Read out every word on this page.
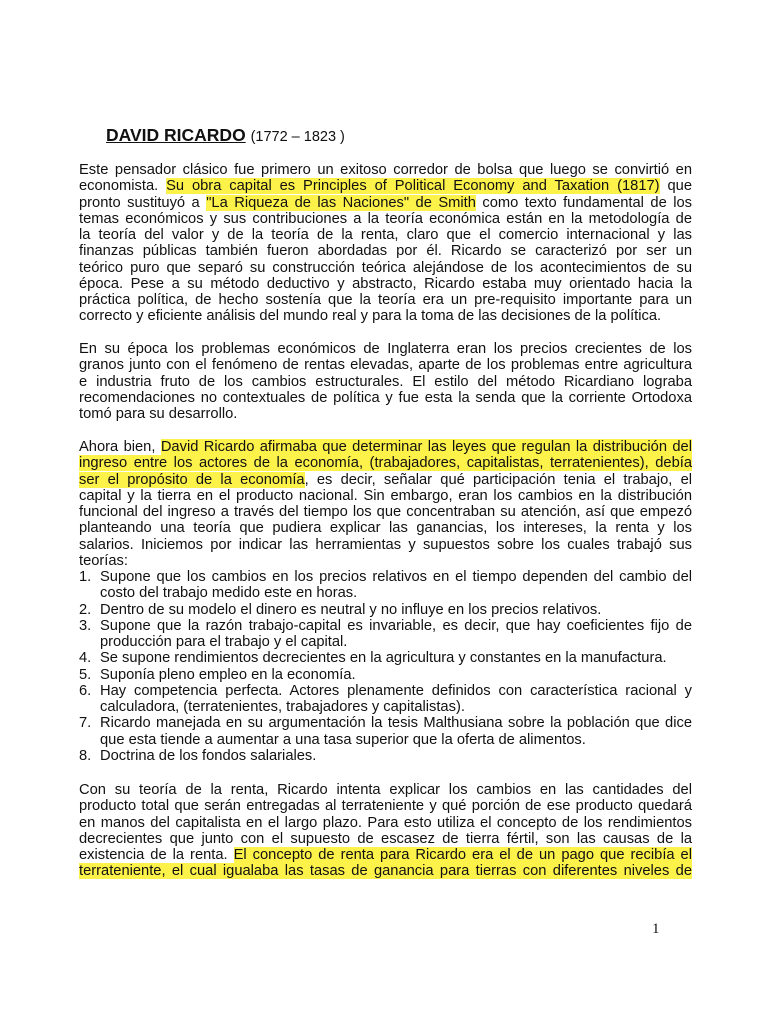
DAVID RICARDO (1772 – 1823 )
Este pensador clásico fue primero un exitoso corredor de bolsa que luego se convirtió en
economista. Su obra capital es Principles of Political Economy and Taxation (1817) que
pronto sustituyó a "La Riqueza de las Naciones" de Smith como texto fundamental de los
temas económicos y sus contribuciones a la teoría económica están en la metodología de
la teoría del valor y de la teoría de la renta, claro que el comercio internacional y las
finanzas públicas también fueron abordadas por él. Ricardo se caracterizó por ser un
teórico puro que separó su construcción teórica alejándose de los acontecimientos de su
época. Pese a su método deductivo y abstracto, Ricardo estaba muy orientado hacia la
práctica política, de hecho sostenía que la teoría era un pre-requisito importante para un
correcto y eficiente análisis del mundo real y para la toma de las decisiones de la política.
En su época los problemas económicos de Inglaterra eran los precios crecientes de los
granos junto con el fenómeno de rentas elevadas, aparte de los problemas entre agricultura
e industria fruto de los cambios estructurales. El estilo del método Ricardiano lograba
recomendaciones no contextuales de política y fue esta la senda que la corriente Ortodoxa
tomó para su desarrollo.
Ahora bien, David Ricardo afirmaba que determinar las leyes que regulan la distribución del
ingreso entre los actores de la economía, (trabajadores, capitalistas, terratenientes), debía
ser el propósito de la economía, es decir, señalar qué participación tenia el trabajo, el
capital y la tierra en el producto nacional. Sin embargo, eran los cambios en la distribución
funcional del ingreso a través del tiempo los que concentraban su atención, así que empezó
planteando una teoría que pudiera explicar las ganancias, los intereses, la renta y los
salarios. Iniciemos por indicar las herramientas y supuestos sobre los cuales trabajó sus
teorías:
1. Supone que los cambios en los precios relativos en el tiempo dependen del cambio del
costo del trabajo medido este en horas.
2. Dentro de su modelo el dinero es neutral y no influye en los precios relativos.
3. Supone que la razón trabajo-capital es invariable, es decir, que hay coeficientes fijo de
producción para el trabajo y el capital.
4. Se supone rendimientos decrecientes en la agricultura y constantes en la manufactura.
5. Suponía pleno empleo en la economía.
6. Hay competencia perfecta. Actores plenamente definidos con característica racional y
calculadora, (terratenientes, trabajadores y capitalistas).
7. Ricardo manejada en su argumentación la tesis Malthusiana sobre la población que dice
que esta tiende a aumentar a una tasa superior que la oferta de alimentos.
8. Doctrina de los fondos salariales.
Con su teoría de la renta, Ricardo intenta explicar los cambios en las cantidades del
producto total que serán entregadas al terrateniente y qué porción de ese producto quedará
en manos del capitalista en el largo plazo. Para esto utiliza el concepto de los rendimientos
decrecientes que junto con el supuesto de escasez de tierra fértil, son las causas de la
existencia de la renta. El concepto de renta para Ricardo era el de un pago que recibía el
terrateniente, el cual igualaba las tasas de ganancia para tierras con diferentes niveles de
1
